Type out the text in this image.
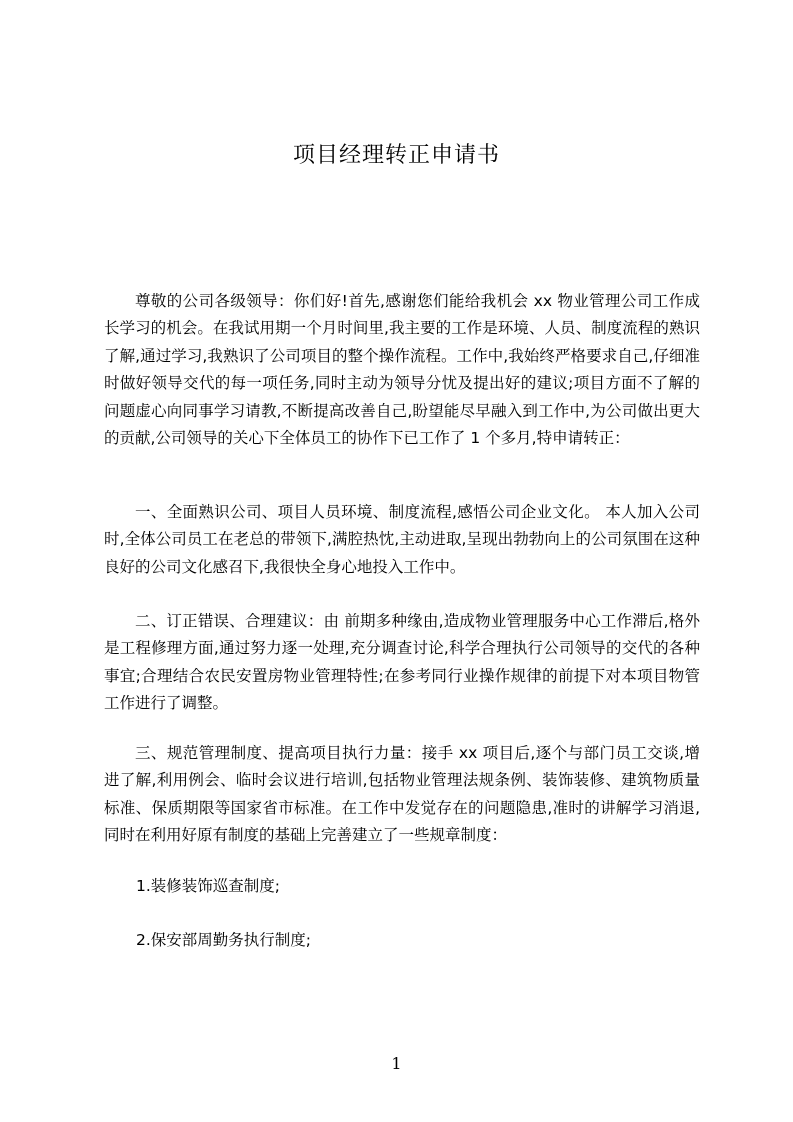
项目经理转正申请书

尊敬的公司各级领导：你们好!首先,感谢您们能给我机会 xx 物业管理公司工作成长学习的机会。在我试用期一个月时间里,我主要的工作是环境、人员、制度流程的熟识了解,通过学习,我熟识了公司项目的整个操作流程。工作中,我始终严格要求自己,仔细准时做好领导交代的每一项任务,同时主动为领导分忧及提出好的建议;项目方面不了解的问题虚心向同事学习请教,不断提高改善自己,盼望能尽早融入到工作中,为公司做出更大的贡献,公司领导的关心下全体员工的协作下已工作了 1 个多月,特申请转正：

一、全面熟识公司、项目人员环境、制度流程,感悟公司企业文化。 本人加入公司时,全体公司员工在老总的带领下,满腔热忱,主动进取,呈现出勃勃向上的公司氛围在这种良好的公司文化感召下,我很快全身心地投入工作中。

二、订正错误、合理建议：由 前期多种缘由,造成物业管理服务中心工作滞后,格外是工程修理方面,通过努力逐一处理,充分调查讨论,科学合理执行公司领导的交代的各种事宜;合理结合农民安置房物业管理特性;在参考同行业操作规律的前提下对本项目物管工作进行了调整。

三、规范管理制度、提高项目执行力量：接手 xx 项目后,逐个与部门员工交谈,增进了解,利用例会、临时会议进行培训,包括物业管理法规条例、装饰装修、建筑物质量标准、保质期限等国家省市标准。在工作中发觉存在的问题隐患,准时的讲解学习消退,同时在利用好原有制度的基础上完善建立了一些规章制度：

1.装修装饰巡查制度;
2.保安部周勤务执行制度;
1
